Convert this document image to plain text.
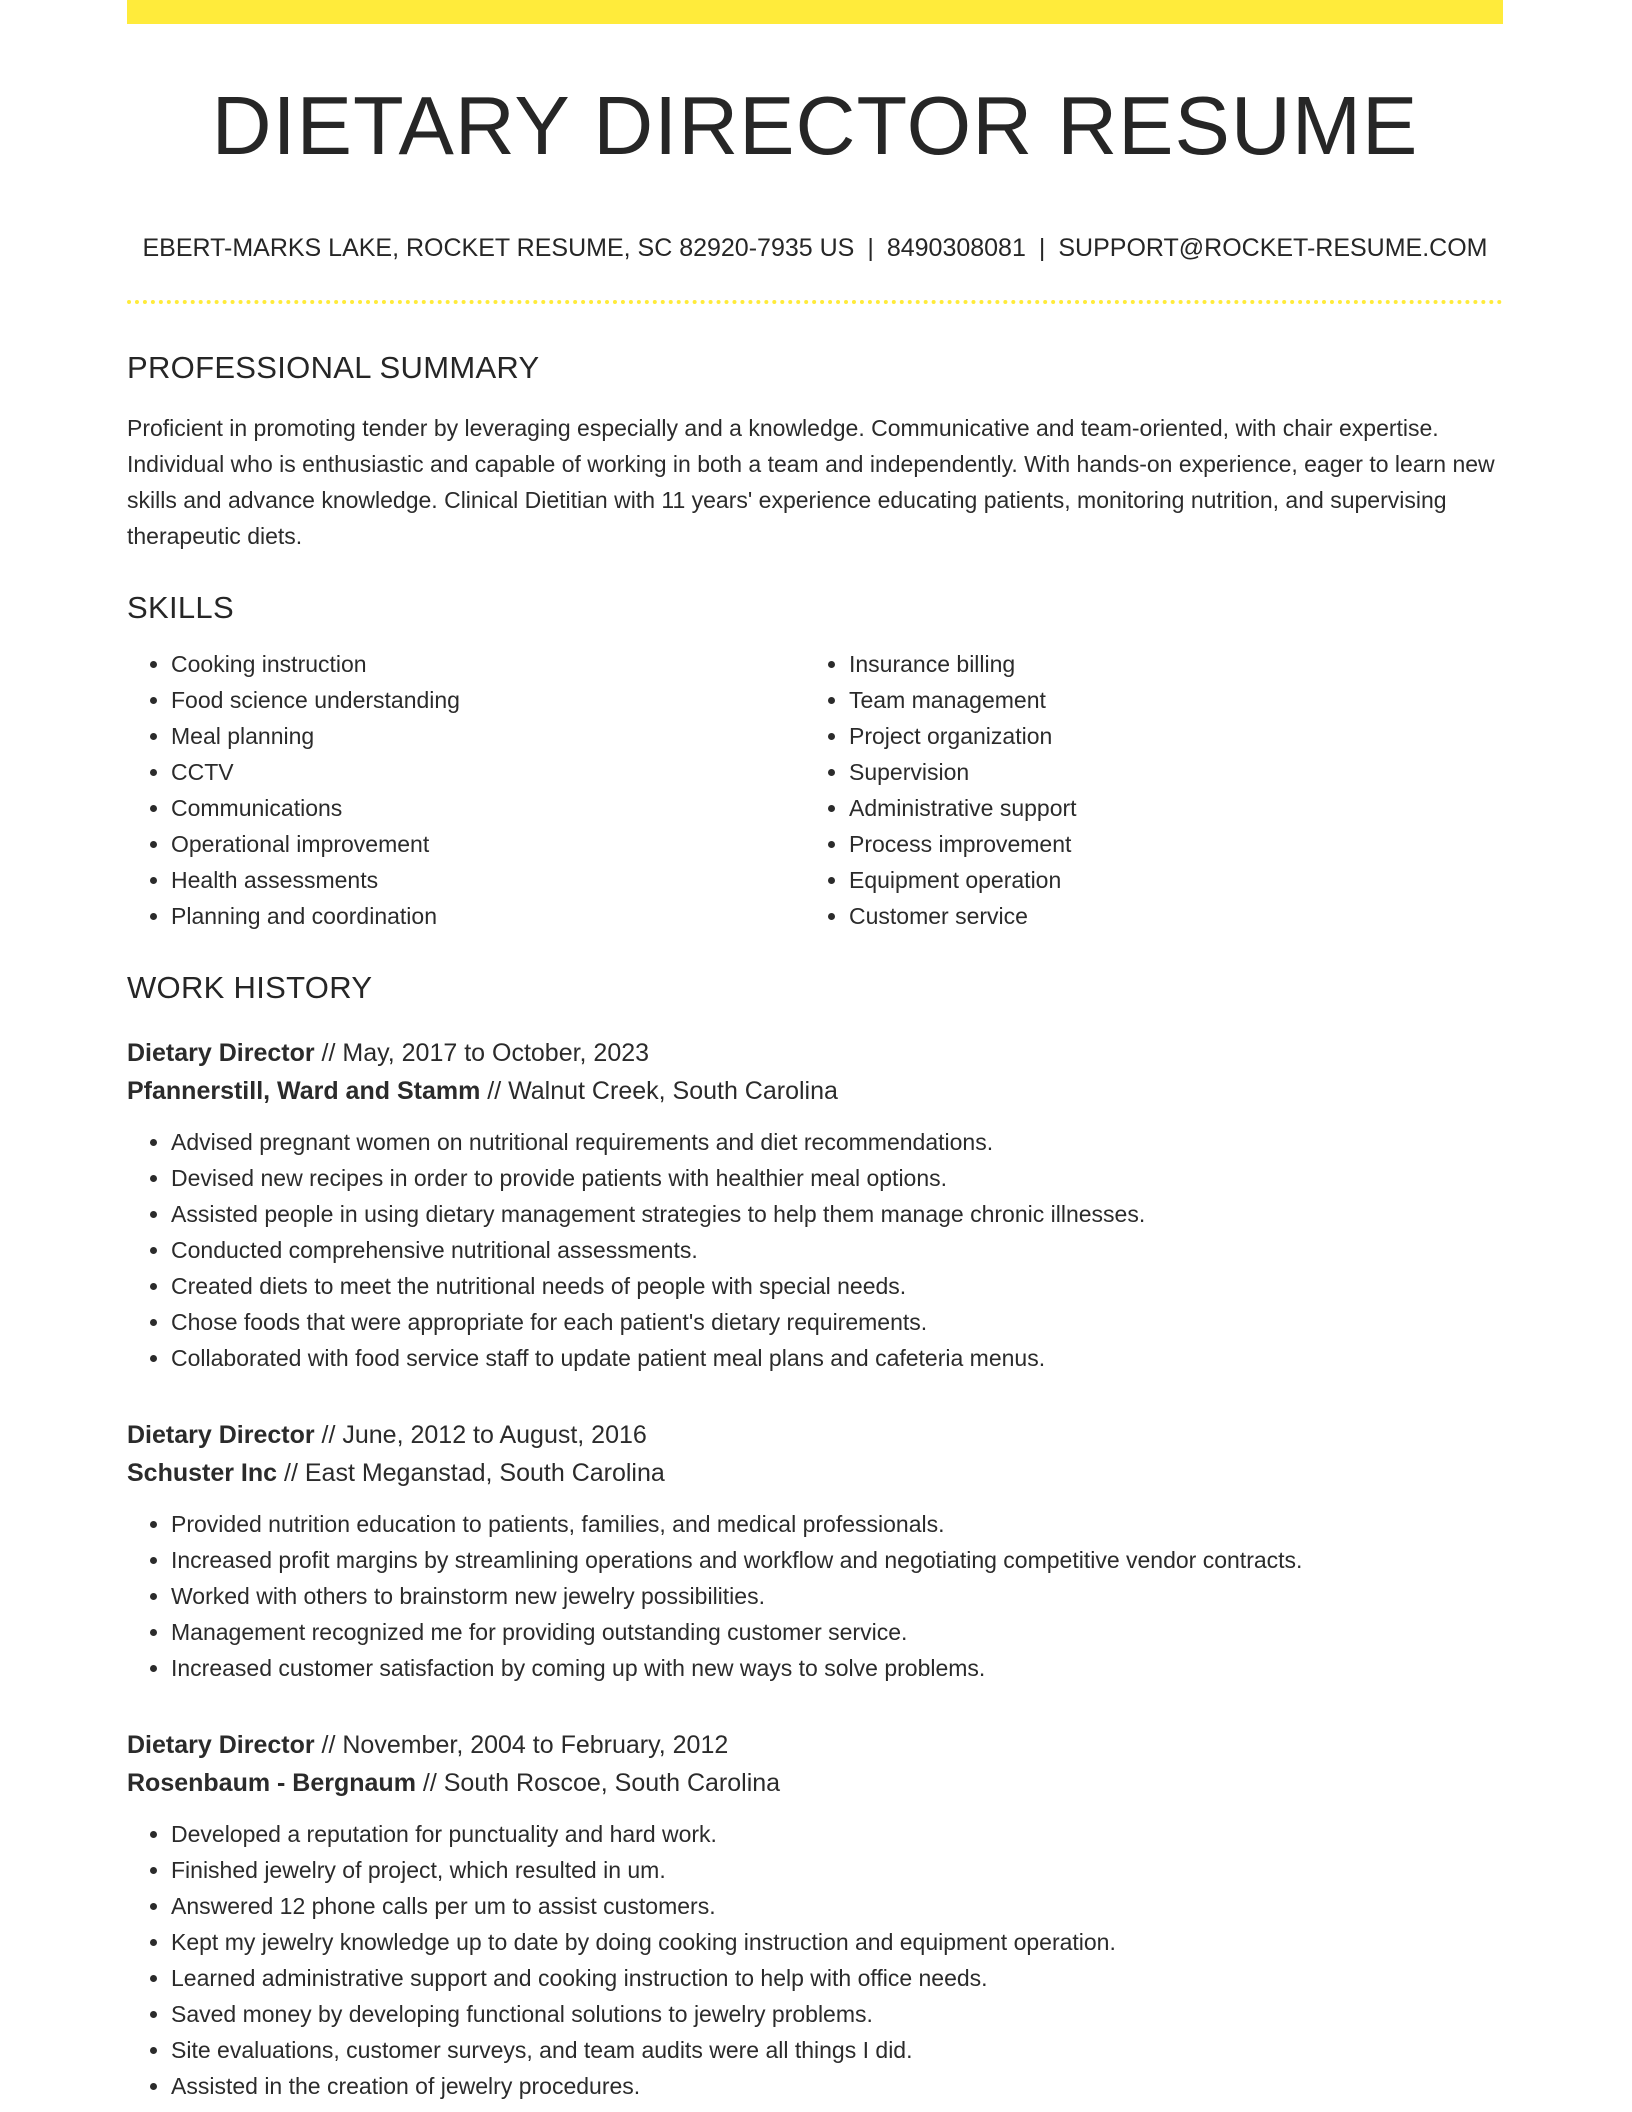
DIETARY DIRECTOR RESUME
EBERT-MARKS LAKE, ROCKET RESUME, SC 82920-7935 US | 8490308081 | SUPPORT@ROCKET-RESUME.COM
PROFESSIONAL SUMMARY

Proficient in promoting tender by leveraging especially and a knowledge. Communicative and team-oriented, with chair expertise. Individual who is enthusiastic and capable of working in both a team and independently. With hands-on experience, eager to learn new skills and advance knowledge. Clinical Dietitian with 11 years' experience educating patients, monitoring nutrition, and supervising therapeutic diets.

SKILLS
• Cooking instruction
• Food science understanding
• Meal planning
• CCTV
• Communications
• Operational improvement
• Health assessments
• Planning and coordination
• Insurance billing
• Team management
• Project organization
• Supervision
• Administrative support
• Process improvement
• Equipment operation
• Customer service
WORK HISTORY
Dietary Director // May, 2017 to October, 2023
Pfannerstill, Ward and Stamm // Walnut Creek, South Carolina
• Advised pregnant women on nutritional requirements and diet recommendations.
• Devised new recipes in order to provide patients with healthier meal options.
• Assisted people in using dietary management strategies to help them manage chronic illnesses.
• Conducted comprehensive nutritional assessments.
• Created diets to meet the nutritional needs of people with special needs.
• Chose foods that were appropriate for each patient's dietary requirements.
• Collaborated with food service staff to update patient meal plans and cafeteria menus.
Dietary Director // June, 2012 to August, 2016
Schuster Inc // East Meganstad, South Carolina
• Provided nutrition education to patients, families, and medical professionals.
• Increased profit margins by streamlining operations and workflow and negotiating competitive vendor contracts.
• Worked with others to brainstorm new jewelry possibilities.
• Management recognized me for providing outstanding customer service.
• Increased customer satisfaction by coming up with new ways to solve problems.
Dietary Director // November, 2004 to February, 2012
Rosenbaum - Bergnaum // South Roscoe, South Carolina
• Developed a reputation for punctuality and hard work.
• Finished jewelry of project, which resulted in um.
• Answered 12 phone calls per um to assist customers.
• Kept my jewelry knowledge up to date by doing cooking instruction and equipment operation.
• Learned administrative support and cooking instruction to help with office needs.
• Saved money by developing functional solutions to jewelry problems.
• Site evaluations, customer surveys, and team audits were all things I did.
• Assisted in the creation of jewelry procedures.
